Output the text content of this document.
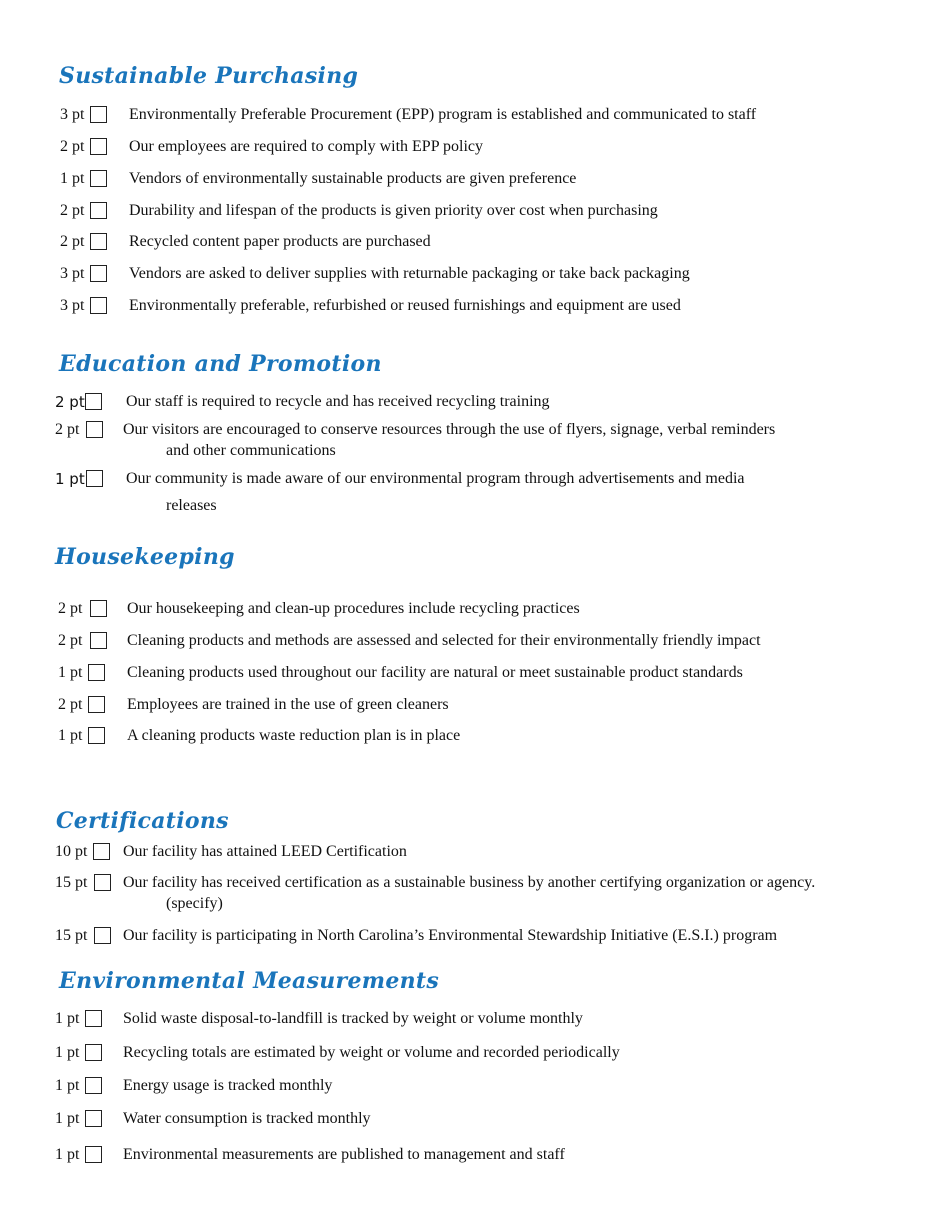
Sustainable Purchasing
3 pt	Environmentally Preferable Procurement (EPP) program is established and communicated to staff
2 pt	Our employees are required to comply with EPP policy
1 pt	Vendors of environmentally sustainable products are given preference
2 pt	Durability and lifespan of the products is given priority over cost when purchasing
2 pt	Recycled content paper products are purchased
3 pt	Vendors are asked to deliver supplies with returnable packaging or take back packaging
3 pt	Environmentally preferable, refurbished or reused furnishings and equipment are used
Education and Promotion
2 pt	Our staff is required to recycle and has received recycling training
2 pt	Our visitors are encouraged to conserve resources through the use of flyers, signage, verbal reminders
and other communications
1 pt	Our community is made aware of our environmental program through advertisements and media
releases
Housekeeping
2 pt	Our housekeeping and clean-up procedures include recycling practices
2 pt	Cleaning products and methods are assessed and selected for their environmentally friendly impact
1 pt	Cleaning products used throughout our facility are natural or meet sustainable product standards
2 pt	Employees are trained in the use of green cleaners
1 pt	A cleaning products waste reduction plan is in place
Certifications
10 pt Our facility has attained LEED Certification
15 pt Our facility has received certification as a sustainable business by another certifying organization or agency.
(specify)
15 pt Our facility is participating in North Carolina’s Environmental Stewardship Initiative (E.S.I.) program
Environmental Measurements
1 pt	Solid waste disposal-to-landfill is tracked by weight or volume monthly
1 pt	Recycling totals are estimated by weight or volume and recorded periodically
1 pt	Energy usage is tracked monthly
1 pt	Water consumption is tracked monthly
1 pt	Environmental measurements are published to management and staff
